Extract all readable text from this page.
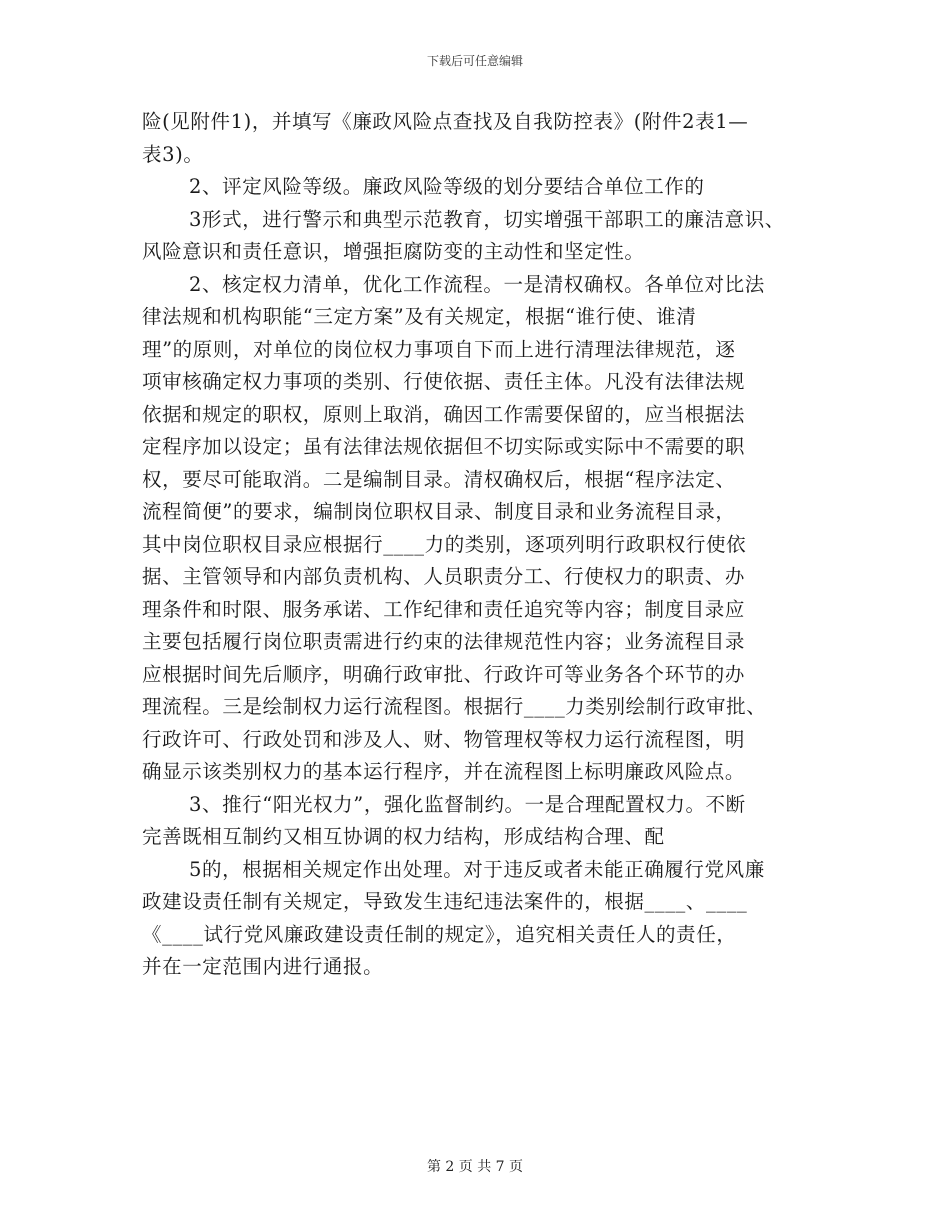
下载后可任意编辑
险(见附件1)，并填写《廉政风险点查找及自我防控表》(附件2表1—
表3)。
2、评定风险等级。廉政风险等级的划分要结合单位工作的
3形式，进行警示和典型示范教育，切实增强干部职工的廉洁意识、
风险意识和责任意识，增强拒腐防变的主动性和坚定性。
2、核定权力清单，优化工作流程。一是清权确权。各单位对比法
律法规和机构职能“三定方案”及有关规定，根据“谁行使、谁清
理”的原则，对单位的岗位权力事项自下而上进行清理法律规范，逐
项审核确定权力事项的类别、行使依据、责任主体。凡没有法律法规
依据和规定的职权，原则上取消，确因工作需要保留的，应当根据法
定程序加以设定；虽有法律法规依据但不切实际或实际中不需要的职
权，要尽可能取消。二是编制目录。清权确权后，根据“程序法定、
流程简便”的要求，编制岗位职权目录、制度目录和业务流程目录，
其中岗位职权目录应根据行____力的类别，逐项列明行政职权行使依
据、主管领导和内部负责机构、人员职责分工、行使权力的职责、办
理条件和时限、服务承诺、工作纪律和责任追究等内容；制度目录应
主要包括履行岗位职责需进行约束的法律规范性内容；业务流程目录
应根据时间先后顺序，明确行政审批、行政许可等业务各个环节的办
理流程。三是绘制权力运行流程图。根据行____力类别绘制行政审批、
行政许可、行政处罚和涉及人、财、物管理权等权力运行流程图，明
确显示该类别权力的基本运行程序，并在流程图上标明廉政风险点。
3、推行“阳光权力”，强化监督制约。一是合理配置权力。不断
完善既相互制约又相互协调的权力结构，形成结构合理、配
5的，根据相关规定作出处理。对于违反或者未能正确履行党风廉
政建设责任制有关规定，导致发生违纪违法案件的，根据____、____
《____试行党风廉政建设责任制的规定》，追究相关责任人的责任，
并在一定范围内进行通报。
第 2 页 共 7 页
